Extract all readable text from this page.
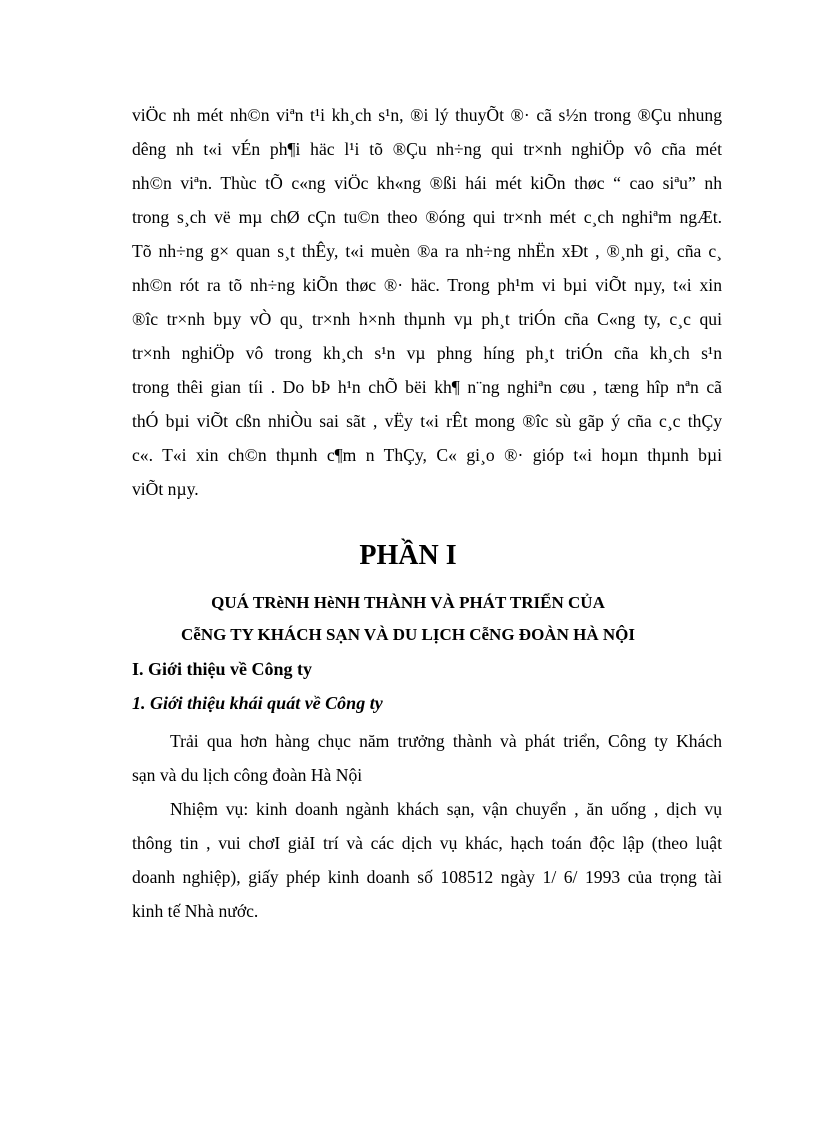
viÖc nh mét nh©n viªn t¹i kh¸ch s¹n, ®i lý thuyÕt ®· cã s½n trong ®Çu nhung
dêng nh t«i vÉn ph¶i häc l¹i tõ ®Çu nh÷ng qui tr×nh nghiÖp vô cña mét
nh©n viªn. Thùc tÕ c«ng viÖc kh«ng ®ßi hái mét kiÕn thøc “ cao siªu” nh
trong s¸ch vë mµ chØ cÇn tu©n theo ®óng qui tr×nh mét c¸ch nghiªm ngÆt.
Tõ nh÷ng g× quan s¸t thÊy, t«i muèn ®a ra nh÷ng nhËn xÐt , ®¸nh gi¸ cña c¸
nh©n rót ra tõ nh÷ng kiÕn thøc ®· häc. Trong ph¹m vi bµi viÕt nµy, t«i xin
®îc tr×nh bµy vÒ qu¸ tr×nh h×nh thµnh vµ ph¸t triÓn cña C«ng ty, c¸c qui
tr×nh nghiÖp vô trong kh¸ch s¹n vµ phng híng ph¸t triÓn cña kh¸ch s¹n
trong thêi gian tíi . Do bÞ h¹n chÕ bëi kh¶ n¨ng nghiªn cøu , tæng hîp nªn cã
thÓ bµi viÕt cßn nhiÒu sai sãt , vËy t«i rÊt mong ®îc sù gãp ý cña c¸c thÇy
c«. T«i xin ch©n thµnh c¶m n ThÇy, C« gi¸o ®· gióp t«i hoµn thµnh bµi
viÕt nµy.
PHẦN I
QUÁ TRèNH HèNH THÀNH VÀ PHÁT TRIỂN CỦA
CễNG TY KHÁCH SẠN VÀ DU LỊCH CễNG ĐOÀN HÀ NỘI
I. Giới thiệu về Công ty
1. Giới thiệu khái quát về Công ty
Trải qua hơn hàng chục năm trưởng thành và phát triển, Công ty Khách
sạn và du lịch công đoàn Hà Nội
Nhiệm vụ: kinh doanh ngành khách sạn, vận chuyển , ăn uống , dịch vụ
thông tin , vui chơI giảI trí và các dịch vụ khác, hạch toán độc lập (theo luật
doanh nghiệp), giấy phép kinh doanh số 108512 ngày 1/ 6/ 1993 của trọng tài
kinh tế Nhà nước.
